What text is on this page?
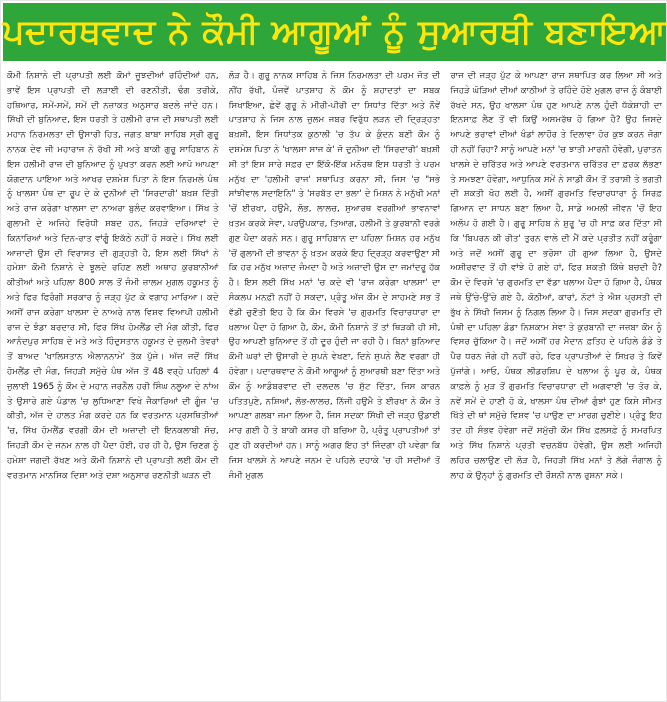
ਪਦਾਰਥਵਾਦ ਨੇ ਕੌਮੀ ਆਗੂਆਂ ਨੂੰ ਸੁਆਰਥੀ ਬਣਾਇਆ

ਕੌਮੀ ਨਿਸ਼ਾਨੇ ਦੀ ਪ੍ਰਾਪਤੀ ਲਈ ਕੌਮਾਂ ਜੂਝਦੀਆਂ ਰਹਿੰਦੀਆਂ ਹਨ, ਭਾਵੇਂ ਇਸ ਪ੍ਰਾਪਤੀ ਦੀ ਲੜਾਈ ਦੀ ਰਣਨੀਤੀ, ਢੰਗ ਤਰੀਕੇ, ਹਥਿਆਰ, ਸਮੇਂ-ਸਮੇਂ, ਸਮੇਂ ਦੀ ਨਜ਼ਾਕਤ ਅਨੁਸਾਰ ਬਦਲੇ ਜਾਂਦੇ ਹਨ। ਸਿੱਖੀ ਦੀ ਬੁਨਿਆਦ, ਇਸ ਧਰਤੀ ਤੇ ਹਲੀਮੀ ਰਾਜ ਦੀ ਸਥਾਪਤੀ ਲਈ ਮਹਾਨ ਨਿਰਮਲਤਾ ਦੀ ਉਸਾਰੀ ਹਿਤ, ਜਗਤ ਬਾਬਾ ਸਾਹਿਬ ਸ੍ਰੀ ਗੁਰੂ ਨਾਨਕ ਦੇਵ ਜੀ ਮਹਾਰਾਜ ਨੇ ਰੱਖੀ ਸੀ ਅਤੇ ਬਾਕੀ ਗੁਰੂ ਸਾਹਿਬਾਨ ਨੇ ਇਸ ਹਲੀਮੀ ਰਾਜ ਦੀ ਬੁਨਿਆਦ ਨੂੰ ਪੁਖਤਾ ਕਰਨ ਲਈ ਆਪੋ ਆਪਣਾ ਯੋਗਦਾਨ ਪਾਇਆ ਅਤੇ ਆਖਰ ਦਸ਼ਮੇਸ਼ ਪਿਤਾ ਨੇ ਇਸ ਨਿਰਮਲੇ ਪੰਥ ਨੂੰ ਖਾਲਸਾ ਪੰਥ ਦਾ ਰੂਪ ਦੇ ਕੇ ਦੁਨੀਆਂ ਦੀ 'ਸਿਰਦਾਰੀ' ਬਖ਼ਸ਼ ਦਿੱਤੀ ਅਤੇ ਰਾਜ ਕਰੇਗਾ ਖਾਲਸਾ ਦਾ ਨਾਅਰਾ ਬੁਲੰਦ ਕਰਵਾਇਆ। ਸਿੱਖ ਤੇ ਗੁਲਾਮੀ ਦੇ ਅਜਿਹੇ ਵਿਰੋਧੀ ਸ਼ਬਦ ਹਨ, ਜਿਹੜੇ ਦਰਿਆਵਾਂ ਦੇ ਕਿਨਾਰਿਆਂ ਅਤੇ ਦਿਨ-ਰਾਤ ਵਾਂਗੂੰ ਇਕੱਠੇ ਨਹੀਂ ਹੋ ਸਕਦੇ। ਸਿੱਖ ਲਈ ਆਜ਼ਾਦੀ ਉਸ ਦੀ ਵਿਰਾਸਤ ਦੀ ਗੁੜ੍ਹਤੀ ਹੈ, ਇਸ ਲਈ ਸਿੱਖਾਂ ਨੇ ਹਮੇਸ਼ਾ ਕੌਮੀ ਨਿਸ਼ਾਨੇ ਦੇ ਝੂਲਦੇ ਰਹਿਣ ਲਈ ਅਥਾਹ ਕੁਰਬਾਨੀਆਂ ਕੀਤੀਆਂ ਅਤੇ ਪਹਿਲਾ 800 ਸਾਲ ਤੋਂ ਜੰਮੀ ਜ਼ਾਲਮ ਮੁਗਲ ਹਕੂਮਤ ਨੂੰ ਅਤੇ ਫਿਰ ਫਿਰੰਗੀ ਸਰਕਾਰ ਨੂੰ ਜੜ੍ਹ ਪੁੱਟ ਕੇ ਵਗਾਹ ਮਾਰਿਆ। ਕਦੇ ਅਸੀਂ ਰਾਜ ਕਰੇਗਾ ਖਾਲਸਾ ਦੇ ਨਾਅਰੇ ਨਾਲ ਵਿਸ਼ਵ ਵਿਆਪੀ ਹਲੀਮੀ ਰਾਜ ਦੇ ਝੰਡਾ ਬਰਦਾਰ ਸੀ, ਫਿਰ ਸਿੱਖ ਹੋਮਲੈਂਡ ਦੀ ਮੰਗ ਕੀਤੀ, ਫਿਰ ਆਨੰਦਪੁਰ ਸਾਹਿਬ ਦੇ ਮਤੇ ਅਤੇ ਹਿੰਦੁਸਤਾਨ ਹਕੂਮਤ ਦੇ ਜ਼ੁਲਮੀ ਤੇਵਰਾਂ ਤੋਂ ਬਾਅਦ 'ਖਾਲਿਸਤਾਨ ਐਲਾਨਨਾਮੇ' ਤੱਕ ਪੁੱਜੇ। ਅੱਜ ਜਦੋਂ ਸਿੱਖ ਹੋਮਲੈਂਡ ਦੀ ਮੰਗ, ਜਿਹੜੀ ਸਮੁੱਚੇ ਪੰਥ ਅੱਜ ਤੋਂ 48 ਵਰ੍ਹੇ ਪਹਿਲਾਂ 4 ਜੁਲਾਈ 1965 ਨੂੰ ਕੌਮ ਦੇ ਮਹਾਨ ਜਰਨੈਲ ਹਰੀ ਸਿੰਘ ਨਲੂਆ ਦੇ ਨਾਂਅ ਤੇ ਉਸਾਰੇ ਗਏ ਪੰਡਾਲ 'ਚ ਲੁਧਿਆਣਾ ਵਿਖੇ ਜੈਕਾਰਿਆਂ ਦੀ ਗੂੰਜ 'ਚ ਕੀਤੀ, ਅੱਜ ਦੇ ਹਾਲਤ ਮੰਗ ਕਰਦੇ ਹਨ ਕਿ ਵਰਤਮਾਨ ਪ੍ਰਸਥਿਤੀਆਂ 'ਚ, ਸਿੱਖ ਹੋਮਲੈਂਡ ਵਰਗੀ ਕੌਮ ਦੀ ਅਜ਼ਾਦੀ ਦੀ ਇਨਕਲਾਬੀ ਸੋਚ, ਜਿਹੜੀ ਕੌਮ ਦੇ ਜਨਮ ਨਾਲ ਹੀ ਪੈਦਾ ਹੋਈ, ਹਰ ਹੀ ਹੈ, ਉਸ ਚਿਣਗ ਨੂੰ ਹਮੇਸ਼ਾ ਜਗਦੀ ਰੱਖਣ ਅਤੇ ਕੌਮੀ ਨਿਸ਼ਾਨੇ ਦੀ ਪ੍ਰਾਪਤੀ ਲਈ ਕੌਮ ਦੀ ਵਰਤਮਾਨ ਮਾਨਸਿਕ ਦਿਸ਼ਾ ਅਤੇ ਦਸ਼ਾ ਅਨੁਸਾਰ ਰਣਨੀਤੀ ਘੜਨ ਦੀ

ਲੋੜ ਹੈ। ਗੁਰੂ ਨਾਨਕ ਸਾਹਿਬ ਨੇ ਜਿਸ ਨਿਰਮਲਤਾ ਦੀ ਪਰਮ ਜੋਤ ਦੀ ਨੀਂਹ ਰੱਖੀ, ਪੰਜਵੇਂ ਪਾਤਸ਼ਾਹ ਨੇ ਕੌਮ ਨੂੰ ਸ਼ਹਾਦਤਾਂ ਦਾ ਸਬਕ ਸਿਖਾਇਆ, ਛੇਵੇਂ ਗੁਰੂ ਨੇ ਮੀਰੀ-ਪੀਰੀ ਦਾ ਸਿਧਾਂਤ ਦਿੱਤਾ ਅਤੇ ਨੌਵੇਂ ਪਾਤਸ਼ਾਹ ਨੇ ਜਿਸ ਨਾਲ ਜ਼ੁਲਮ ਜਬਰ ਵਿਰੁੱਧ ਲੜਨ ਦੀ ਦ੍ਰਿੜ੍ਹਤਾ ਬਖ਼ਸ਼ੀ, ਇਸ ਸਿਧਾਂਤਕ ਕੁਠਾਲੀ 'ਚ ਤੱਪ ਕੇ ਕੁੰਦਨ ਬਣੀ ਕੌਮ ਨੂੰ ਦਸ਼ਮੇਸ਼ ਪਿਤਾ ਨੇ 'ਖਾਲਸਾ ਸਾਜ ਕੇ' ਜੋ ਦੁਨੀਆ ਦੀ 'ਸਿਰਦਾਰੀ' ਬਖ਼ਸ਼ੀ ਸੀ ਤਾਂ ਇਸ ਸਾਰੇ ਸਫ਼ਰ ਦਾ ਇੱਕੋ-ਇੱਕ ਮਨੋਰਥ ਇਸ ਧਰਤੀ ਤੇ ਪਰਮ ਮਨੁੱਖ ਦਾ 'ਹਲੀਮੀ ਰਾਜ' ਸਥਾਪਿਤ ਕਰਨਾ ਸੀ, ਜਿਸ 'ਚ "ਸਭੇ ਸਾਂਝੀਵਾਲ ਸਦਾਇਨਿ" ਤੇ 'ਸਰਬੱਤ ਦਾ ਭਲਾ' ਦੇ ਮਿਸ਼ਨ ਨੇ ਮਨੁੱਖੀ ਮਨਾਂ 'ਚੋਂ ਈਰਖਾ, ਹਉਮੈ, ਲੋਭ, ਲਾਲਚ, ਸੁਆਰਥ ਵਰਗੀਆਂ ਭਾਵਨਾਵਾਂ ਖ਼ਤਮ ਕਰਕੇ ਸੇਵਾ, ਪਰਉਪਕਾਰ, ਤਿਆਗ, ਹਲੀਮੀ ਤੇ ਕੁਰਬਾਨੀ ਵਰਗੇ ਗੁਣ ਪੈਦਾ ਕਰਨੇ ਸਨ। ਗੁਰੂ ਸਾਹਿਬਾਨ ਦਾ ਪਹਿਲਾ ਮਿਸ਼ਨ ਹਰ ਮਨੁੱਖ 'ਚੋਂ ਗੁਲਾਮੀ ਦੀ ਭਾਵਨਾ ਨੂੰ ਖ਼ਤਮ ਕਰਕੇ ਇਹ ਦ੍ਰਿੜ੍ਹ ਕਰਵਾਉਣਾ ਸੀ ਕਿ ਹਰ ਮਨੁੱਖ ਅਜ਼ਾਦ ਜੰਮਦਾ ਹੈ ਅਤੇ ਅਜ਼ਾਦੀ ਉਸ ਦਾ ਜਮਾਂਦਰੂ ਹੱਕ ਹੈ। ਇਸ ਲਈ ਸਿੱਖ ਮਨਾਂ 'ਚ ਕਦੇ ਵੀ 'ਰਾਜ ਕਰੇਗਾ ਖਾਲਸਾ' ਦਾ ਸੰਕਲਪ ਮਨਫ਼ੀ ਨਹੀਂ ਹੋ ਸਕਦਾ, ਪ੍ਰੰਤੂ ਅੱਜ ਕੌਮ ਦੇ ਸਾਹਮਣੇ ਸਭ ਤੋਂ ਵੱਡੀ ਚੁਣੌਤੀ ਇਹ ਹੈ ਕਿ ਕੌਮ ਵਿਰਸੇ 'ਚ ਗੁਰਮਤਿ ਵਿਚਾਰਧਾਰਾ ਦਾ ਖਲਾਅ ਪੈਦਾ ਹੋ ਗਿਆ ਹੈ, ਕੌਮ, ਕੌਮੀ ਨਿਸ਼ਾਨੇ ਤੋਂ ਤਾਂ ਥਿੜਕੀ ਹੀ ਸੀ, ਉਹ ਆਪਣੀ ਬੁਨਿਆਦ ਤੋਂ ਹੀ ਦੂਰ ਹੁੰਦੀ ਜਾ ਰਹੀ ਹੈ। ਬਿਨਾਂ ਬੁਨਿਆਦ ਕੌਮੀ ਘਰਾਂ ਦੀ ਉਸਾਰੀ ਦੇ ਸੁਪਨੇ ਵੇਖਣਾ, ਦਿਨੇ ਸੁਪਨੇ ਲੈਣ ਵਰਗਾ ਹੀ ਹੋਵੇਗਾ। ਪਦਾਰਥਵਾਦ ਨੇ ਕੌਮੀ ਆਗੂਆਂ ਨੂੰ ਸੁਆਰਥੀ ਬਣਾ ਦਿੱਤਾ ਅਤੇ ਕੌਮ ਨੂੰ ਆਡੰਬਰਵਾਦ ਦੀ ਦਲਦਲ 'ਚ ਸੁੱਟ ਦਿੱਤਾ, ਜਿਸ ਕਾਰਨ ਪਤਿਤਪੁਣੇ, ਨਸ਼ਿਆਂ, ਲੋਭ-ਲਾਲਚ, ਨਿੱਜੀ ਹਉਮੈ ਤੇ ਈਰਖਾ ਨੇ ਕੌਮ ਤੇ ਆਪਣਾ ਗਲਬਾ ਜਮਾ ਲਿਆ ਹੈ, ਜਿਸ ਸਦਕਾ ਸਿੱਖੀ ਦੀ ਜੜ੍ਹ ਉਡਾਈ ਮਾਰ ਗਈ ਹੈ ਤੇ ਬਾਕੀ ਕਸਰ ਹੀ ਬਚਿਆ ਹੈ, ਪ੍ਰੰਤੂ ਪ੍ਰਾਪਤੀਆਂ ਤਾਂ ਹੁਣ ਹੀ ਕਰਦੀਆਂ ਹਨ। ਸਾਨੂੰ ਅਗਰ ਇਹ ਤਾਂ ਜਿੰਦਗਾ ਹੀ ਪਵੇਗਾ ਕਿ ਜਿਸ ਖਾਲਸੇ ਨੇ ਆਪਣੇ ਜਨਮ ਦੇ ਪਹਿਲੇ ਦਹਾਕੇ 'ਚ ਹੀ ਸਦੀਆਂ ਤੋਂ ਜੰਮੀ ਮੁਗਲ

ਰਾਜ ਦੀ ਜੜ੍ਹ ਪੁੱਟ ਕੇ ਆਪਣਾ ਰਾਜ ਸਥਾਪਿਤ ਕਰ ਲਿਆ ਸੀ ਅਤੇ ਜਿਹੜੇ ਘੋੜਿਆਂ ਦੀਆਂ ਕਾਠੀਆਂ ਤੇ ਰਹਿੰਦੇ ਹੋਏ ਮੁਗਲ ਰਾਜ ਨੂੰ ਕੰਬਾਈ ਰੱਖਦੇ ਸਨ, ਉਹ ਖਾਲਸਾ ਪੰਥ ਹੁਣ ਆਪਣੇ ਨਾਲ ਹੁੰਦੀ ਧੱਕੇਸ਼ਾਹੀ ਦਾ ਇਨਸਾਫ਼ ਲੈਣ ਤੋਂ ਵੀ ਕਿਉਂ ਅਸਮਰੱਥ ਹੋ ਗਿਆ ਹੈ? ਉਹ ਜਿਸਦੇ ਆਪਣੇ ਭਰਾਵਾਂ ਦੀਆਂ ਖੰਡਾਂ ਲਾਹੌਰ ਤੇ ਦਿਲਾਵਾ ਹੋਰ ਕੁਝ ਕਰਨ ਜੋਗਾ ਹੀ ਨਹੀਂ ਰਿਹਾ? ਸਾਨੂੰ ਆਪਣੇ ਮਨਾਂ 'ਚ ਝਾਤੀ ਮਾਰਨੀ ਹੋਵੇਗੀ, ਪੁਰਾਤਨ ਖਾਲਸੇ ਦੇ ਚਰਿੱਤਰ ਅਤੇ ਆਪਣੇ ਵਰਤਮਾਨ ਚਰਿੱਤਰ ਦਾ ਫ਼ਰਕ ਲੱਭਣਾ ਤੇ ਸਮਝਣਾ ਹੋਵੇਗਾ, ਆਧੁਨਿਕ ਸਮੇਂ ਨੇ ਸਾਡੀ ਕੌਮ ਤੋਂ ਤਰਾਸ਼ੀ ਤੇ ਭਗਤੀ ਦੀ ਸ਼ਕਤੀ ਖੋਹ ਲਈ ਹੈ, ਅਸੀਂ ਗੁਰਮਤਿ ਵਿਚਾਰਧਾਰਾ ਨੂੰ ਸਿਰਫ਼ ਗਿਆਨ ਦਾ ਸਾਧਨ ਬਣਾ ਲਿਆ ਹੈ, ਸਾਡੇ ਅਮਲੀ ਜੀਵਨ 'ਚੋਂ ਇਹ ਅਲੋਪ ਹੋ ਗਈ ਹੈ। ਗੁਰੂ ਸਾਹਿਬ ਨੇ ਸ਼ੁਰੂ 'ਚ ਹੀ ਸਾਫ਼ ਕਰ ਦਿੱਤਾ ਸੀ ਕਿ 'ਬਿਪਰਨ ਕੀ ਰੀਤ' ਤੁਰਨ ਵਾਲੇ ਦੀ ਮੈਂ ਕਦੇ ਪ੍ਰਤੀਤ ਨਹੀਂ ਕਰੂੰਗਾ ਅਤੇ ਜਦੋਂ ਅਸੀਂ ਗੁਰੂ ਦਾ ਭਰੋਸਾ ਹੀ ਗੁਆ ਲਿਆ ਹੈ, ਉਸਦੇ ਅਸ਼ੀਰਵਾਦ ਤੋਂ ਹੀ ਵਾਂਝੇ ਹੋ ਗਏ ਹਾਂ, ਫਿਰ ਸ਼ਕਤੀ ਕਿੱਥੇ ਬਚਦੀ ਹੈ? ਕੌਮ ਦੇ ਵਿਰਸੇ 'ਚ ਗੁਰਮਤਿ ਦਾ ਵੱਡਾ ਖਲਾਅ ਪੈਦਾ ਹੋ ਗਿਆ ਹੈ, ਪੰਥਕ ਜਥੇ ਉੱਚੇ-ਉੱਚੇ ਗਏ ਹੈ, ਕੋਠੀਆਂ, ਕਾਰਾਂ, ਨੋਟਾਂ ਤੇ ਐਸ਼ ਪ੍ਰਸਤੀ ਦੀ ਭੁੱਖ ਨੇ ਸਿੱਖੀ ਜਿਸਮ ਨੂੰ ਨਿਗਲ ਲਿਆ ਹੈ। ਜਿਸ ਸਦਕਾ ਗੁਰਮਤਿ ਦੀ ਪੰਥੀ ਦਾ ਪਹਿਲਾ ਡੰਡਾ ਨਿਸ਼ਕਾਮ ਸੇਵਾ ਤੇ ਕੁਰਬਾਨੀ ਦਾ ਜਜ਼ਬਾ ਕੌਮ ਨੂੰ ਵਿਸਰ ਚੁੱਕਿਆ ਹੈ। ਜਦੋਂ ਅਸੀਂ ਹਰ ਮੈਦਾਨ ਫ਼ਤਿਹ ਦੇ ਪਹਿਲੇ ਡੰਡੇ ਤੇ ਪੈਰ ਧਰਨ ਜੋਗੇ ਹੀ ਨਹੀਂ ਰਹੇ, ਫਿਰ ਪ੍ਰਾਪਤੀਆਂ ਦੇ ਸਿਖ਼ਰ ਤੇ ਕਿਵੇਂ ਪੁੱਜਾਂਗੇ। ਆਓ, ਪੰਥਕ ਲੀਡਰਸ਼ਿਪ ਦੇ ਖਲਾਅ ਨੂੰ ਪੂਰ ਕੇ, ਪੰਥਕ ਕਾਫ਼ਲੇ ਨੂੰ ਮੁੜ ਤੋਂ ਗੁਰਮਤਿ ਵਿਚਾਰਧਾਰਾ ਦੀ ਅਗਵਾਈ 'ਚ ਤੋਰ ਕੇ, ਨਵੇਂ ਸਮੇਂ ਦੇ ਹਾਣੀ ਹੋ ਕੇ, ਖਾਲਸਾ ਪੰਥ ਦੀਆਂ ਗੁੰਝਾਂ ਹੁਣ ਕਿਸੇ ਸੀਮਤ ਖਿੱਤੇ ਦੀ ਥਾਂ ਸਮੁੱਚੇ ਵਿਸ਼ਵ 'ਚ ਪਾਉਣ ਦਾ ਮਾਰਗ ਚੁਣੀਏ। ਪ੍ਰੰਤੂ ਇਹ ਤਦ ਹੀ ਸੰਭਵ ਹੋਵੇਗਾ ਜਦੋਂ ਸਮੁੱਚੀ ਕੌਮ ਸਿੱਖ ਫ਼ਲਸਫ਼ੇ ਨੂੰ ਸਮਰਪਿਤ ਅਤੇ ਸਿੱਖ ਨਿਸ਼ਾਨੇ ਪ੍ਰਤੀ ਵਚਨਬੱਧ ਹੋਵੇਗੀ, ਉਸ ਲਈ ਅਜਿਹੀ ਲਹਿਰ ਚਲਾਉਣ ਦੀ ਲੋੜ ਹੈ, ਜਿਹੜੀ ਸਿੱਖ ਮਨਾਂ ਤੇ ਲੱਗੇ ਜੰਗਾਲ ਨੂੰ ਲਾਹ ਕੇ ਉਨ੍ਹਾਂ ਨੂੰ ਗੁਰਮਤਿ ਦੀ ਰੌਸ਼ਨੀ ਨਾਲ ਰੁਸ਼ਨਾ ਸਕੇ।
